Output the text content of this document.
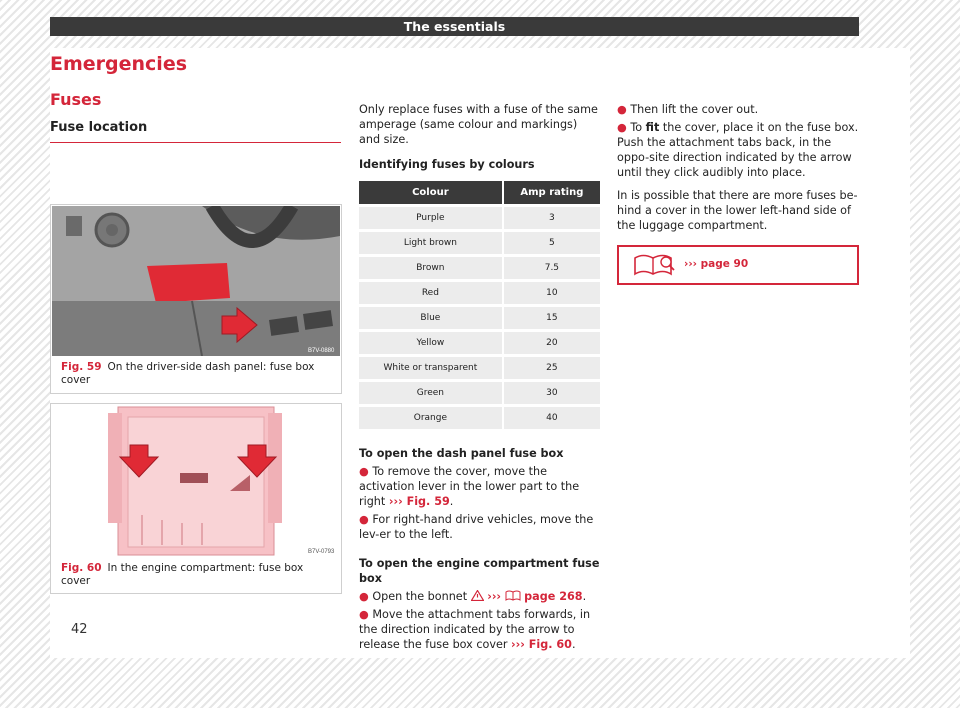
The essentials
Emergencies
Fuses
Fuse location
B7V-0880
Fig. 59 On the driver-side dash panel: fuse box cover
B7V-0793
Fig. 60 In the engine compartment: fuse box cover

Only replace fuses with a fuse of the same amperage (same colour and markings) and size.

Identifying fuses by colours

Colour	Amp rating
Purple	3
Light brown	5
Brown	7.5
Red	10
Blue	15
Yellow	20
White or transparent	25
Green	30
Orange	40

To open the dash panel fuse box

● To remove the cover, move the activation lever in the lower part to the right ››› Fig. 59.

● For right-hand drive vehicles, move the lev-er to the left.

To open the engine compartment fuse box

● Open the bonnet  ››› page 268.

● Move the attachment tabs forwards, in the direction indicated by the arrow to release the fuse box cover ››› Fig. 60.

● Then lift the cover out.

● To fit the cover, place it on the fuse box. Push the attachment tabs back, in the oppo-site direction indicated by the arrow until they click audibly into place.

In is possible that there are more fuses be-hind a cover in the lower left-hand side of the luggage compartment.

››› page 90
42
